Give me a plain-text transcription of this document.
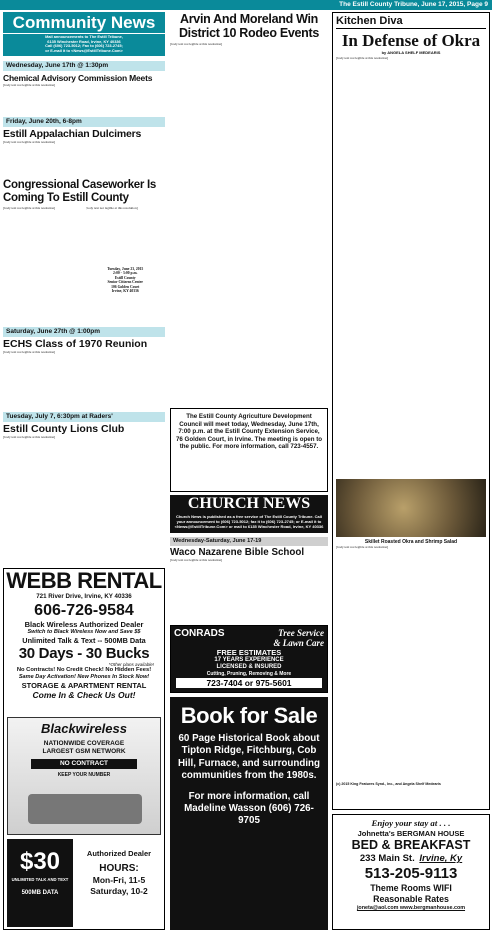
The Estill County Tribune, June 17, 2015, Page 9
Community News
Mail announcements to The Estill Tribune,
6135 Winchester Road, Irvine, KY 40336
Call (606) 723-5012; Fax to (606) 723-2745;
or E-mail it to <News@EstillTribune.Com>
Wednesday, June 17th @ 1:30pm
Chemical Advisory Commission Meets
[body text not legible at this resolution]
Friday, June 20th, 6-8pm
Estill Appalachian Dulcimers
[body text not legible at this resolution]
Congressional Caseworker Is Coming To Estill County
[body text not legible at this resolution]	[body text not legible at this resolution]
Tuesday, June 23, 2015
2:00 - 3:00 p.m.
Estill County
Senior Citizens Center
106 Golden Court
Irvine, KY 40336
Saturday, June 27th @ 1:00pm
ECHS Class of 1970 Reunion
[body text not legible at this resolution]
Tuesday, July 7, 6:30pm at Raders'
Estill County Lions Club
[body text not legible at this resolution]
WEBB RENTAL
721 River Drive, Irvine, KY 40336
606-726-9584
Black Wireless Authorized Dealer
Switch to Black Wireless Now and Save $$
Unlimited Talk & Text -- 500MB Data
30 Days - 30 Bucks
*Other plans available!
No Contracts! No Credit Check! No Hidden Fees!
Same Day Activation! New Phones In Stock Now!
STORAGE & APARTMENT RENTAL
Come In & Check Us Out!
Blackwireless
NATIONWIDE COVERAGE
LARGEST GSM NETWORK
NO CONTRACT
KEEP YOUR NUMBER
$30
UNLIMITED TALK AND TEXT
500MB DATA
Authorized Dealer
HOURS:
Mon-Fri, 11-5
Saturday, 10-2
Arvin And Moreland Win District 10 Rodeo Events
[body text not legible at this resolution]
The Estill County Agriculture Development Council will meet today, Wednesday, June 17th, 7:00 p.m. at the Estill County Extension Service, 76 Golden Court, in Irvine. The meeting is open to the public. For more information, call 723-4557.
CHURCH NEWS
Church News is published as a free service of The Estill County Tribune. Call your announcement to (606) 723-5012; fax it to (606) 723-2745; or E-mail it to <News@EstillTribune.Com> or mail to 6135 Winchester Road, Irvine, KY 40336
Wednesday-Saturday, June 17-19
Waco Nazarene Bible School
[body text not legible at this resolution]
CONRADS	Tree Service
& Lawn Care
FREE ESTIMATES
17 YEARS EXPERIENCE
LICENSED & INSURED
Cutting, Pruning, Removing & More
723-7404 or 975-5601
Book for Sale
60 Page Historical Book about Tipton Ridge, Fitchburg, Cob Hill, Furnace, and surrounding communities from the 1980s.
For more information, call Madeline Wasson (606) 726-9705
Kitchen Diva
In Defense of Okra
by ANGELA SHELF MEDEARIS
[body text not legible at this resolution]
Skillet Roasted Okra and Shrimp Salad
[body text not legible at this resolution]
(c) 2015 King Features Synd., Inc., and Angela Shelf Medearis
Enjoy your stay at . . .
Johnetta's BERGMAN HOUSE
BED & BREAKFAST
233 Main St. Irvine, Ky
513-205-9113
Theme Rooms WIFI
Reasonable Rates
joneta@aol.com www.bergmanhouse.com
